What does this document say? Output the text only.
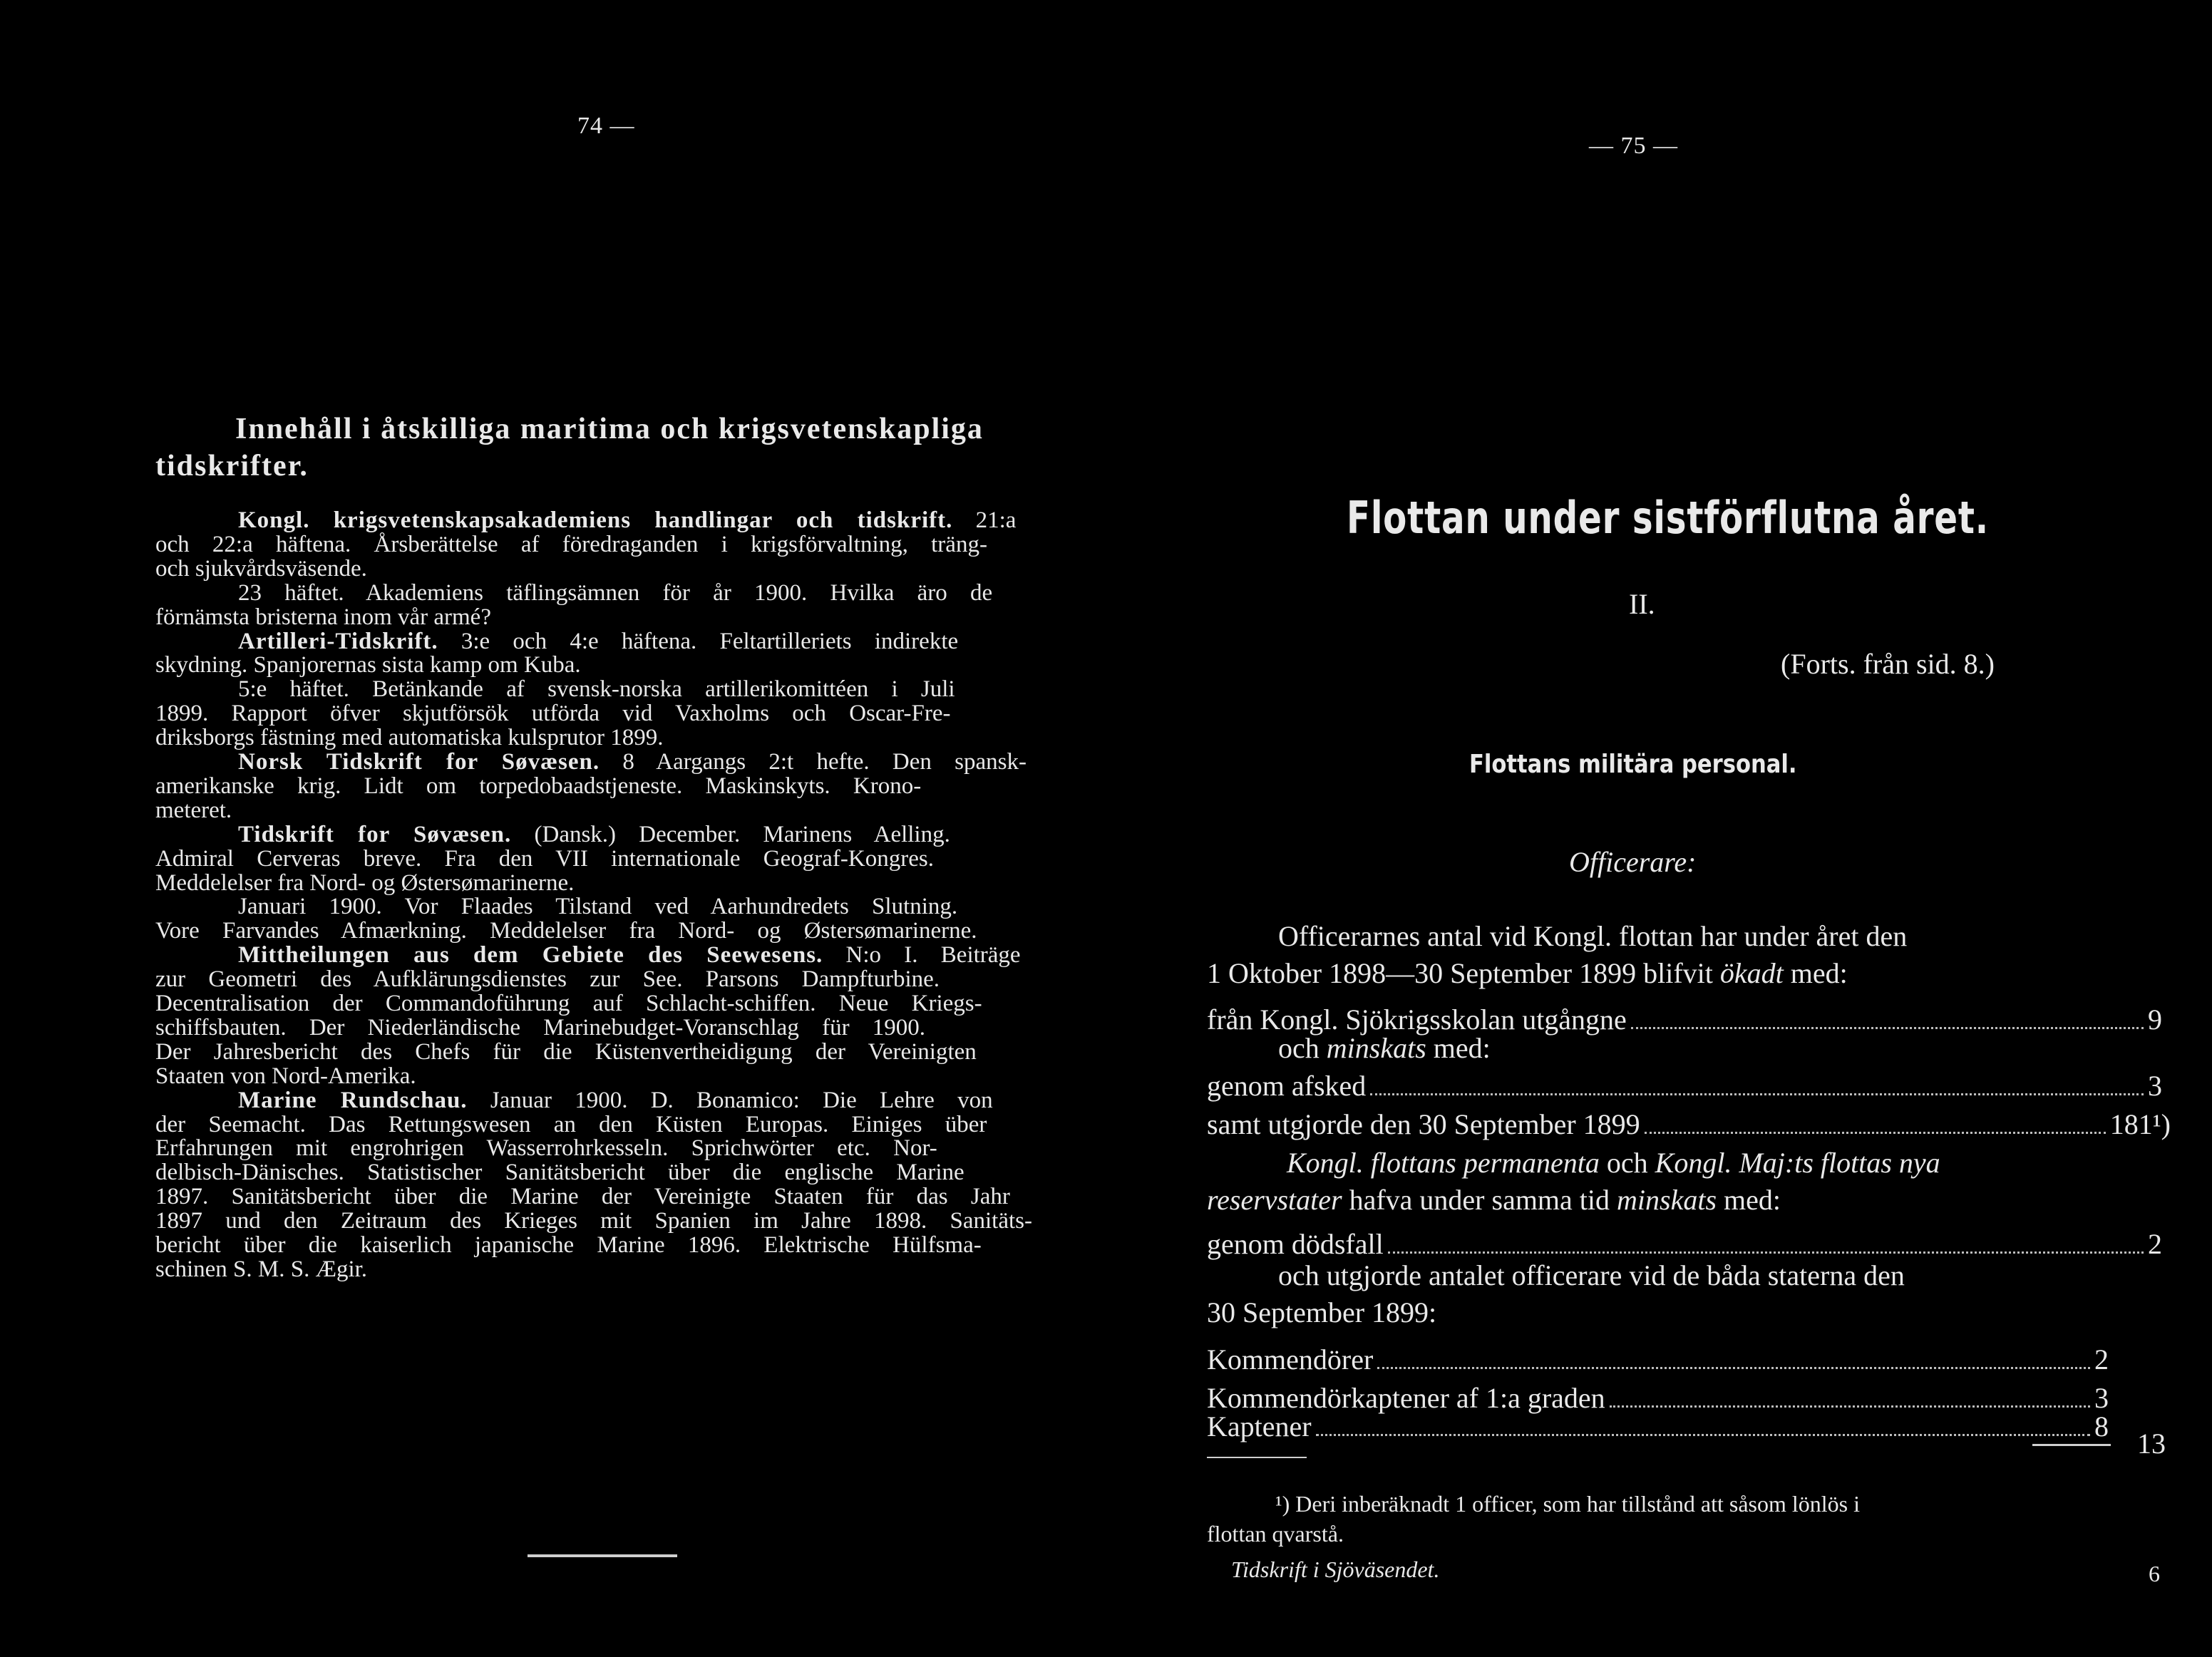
74 —
Innehåll i åtskilliga maritima och krigsvetenskapliga
tidskrifter.
Kongl. krigsvetenskapsakademiens handlingar och tidskrift. 21:a
och 22:a häftena. Årsberättelse af föredraganden i krigsförvaltning, träng-
och sjukvårdsväsende.
23 häftet. Akademiens täflingsämnen för år 1900. Hvilka äro de
förnämsta bristerna inom vår armé?
Artilleri-Tidskrift. 3:e och 4:e häftena. Feltartilleriets indirekte
skydning. Spanjorernas sista kamp om Kuba.
5:e häftet. Betänkande af svensk-norska artillerikomittéen i Juli
1899. Rapport öfver skjutförsök utförda vid Vaxholms och Oscar-Fre-
driksborgs fästning med automatiska kulsprutor 1899.
Norsk Tidskrift for Søvæsen. 8 Aargangs 2:t hefte. Den spansk-
amerikanske krig. Lidt om torpedobaadstjeneste. Maskinskyts. Krono-
meteret.
Tidskrift for Søvæsen. (Dansk.) December. Marinens Aelling.
Admiral Cerveras breve. Fra den VII internationale Geograf-Kongres.
Meddelelser fra Nord- og Østersømarinerne.
Januari 1900. Vor Flaades Tilstand ved Aarhundredets Slutning.
Vore Farvandes Afmærkning. Meddelelser fra Nord- og Østersømarinerne.
Mittheilungen aus dem Gebiete des Seewesens. N:o I. Beiträge
zur Geometri des Aufklärungsdienstes zur See. Parsons Dampfturbine.
Decentralisation der Commandoführung auf Schlacht-schiffen. Neue Kriegs-
schiffsbauten. Der Niederländische Marinebudget-Voranschlag für 1900.
Der Jahresbericht des Chefs für die Küstenvertheidigung der Vereinigten
Staaten von Nord-Amerika.
Marine Rundschau. Januar 1900. D. Bonamico: Die Lehre von
der Seemacht. Das Rettungswesen an den Küsten Europas. Einiges über
Erfahrungen mit engrohrigen Wasserrohrkesseln. Sprichwörter etc. Nor-
delbisch-Dänisches. Statistischer Sanitätsbericht über die englische Marine
1897. Sanitätsbericht über die Marine der Vereinigte Staaten für das Jahr
1897 und den Zeitraum des Krieges mit Spanien im Jahre 1898. Sanitäts-
bericht über die kaiserlich japanische Marine 1896. Elektrische Hülfsma-
schinen S. M. S. Ægir.
— 75 —
Flottan under sistförflutna året.
II.
(Forts. från sid. 8.)
Flottans militära personal.
Officerare:
Officerarnes antal vid Kongl. flottan har under året den
1 Oktober 1898—30 September 1899 blifvit ökadt med:
från Kongl. Sjökrigsskolan utgångne	9
och minskats med:
genom afsked	3
samt utgjorde den 30 September 1899	181¹)
Kongl. flottans permanenta och Kongl. Maj:ts flottas nya
reservstater hafva under samma tid minskats med:
genom dödsfall	2
och utgjorde antalet officerare vid de båda staterna den
30 September 1899:
Kommendörer	2
Kommendörkaptener af 1:a graden	3
Kaptener	8
13
¹) Deri inberäknadt 1 officer, som har tillstånd att såsom lönlös i
flottan qvarstå.
Tidskrift i Sjöväsendet.	6
